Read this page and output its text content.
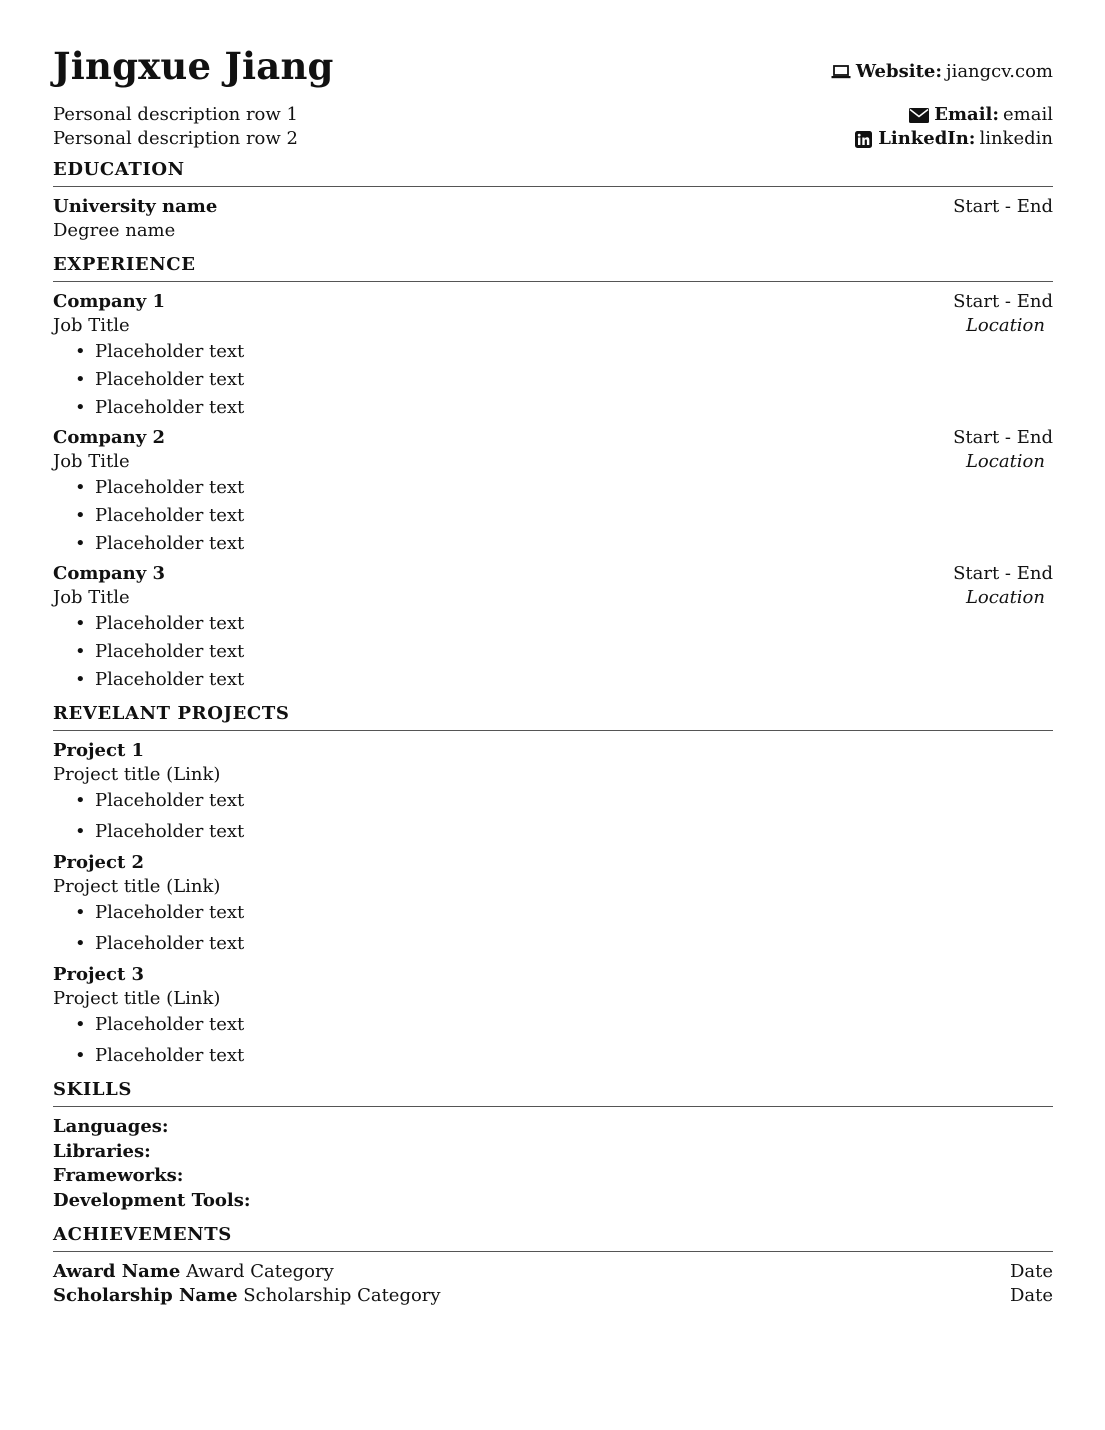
Jingxue Jiang
Personal description row 1
Personal description row 2
Website: jiangcv.com
Email: email
LinkedIn: linkedin
EDUCATION
University name	Start - End
Degree name
EXPERIENCE
Company 1	Start - End
Job Title	Location
• Placeholder text
• Placeholder text
• Placeholder text
Company 2	Start - End
Job Title	Location
• Placeholder text
• Placeholder text
• Placeholder text
Company 3	Start - End
Job Title	Location
• Placeholder text
• Placeholder text
• Placeholder text
REVELANT PROJECTS
Project 1
Project title (Link)
• Placeholder text
• Placeholder text
Project 2
Project title (Link)
• Placeholder text
• Placeholder text
Project 3
Project title (Link)
• Placeholder text
• Placeholder text
SKILLS
Languages:
Libraries:
Frameworks:
Development Tools:
ACHIEVEMENTS
Award Name Award Category	Date
Scholarship Name Scholarship Category	Date
